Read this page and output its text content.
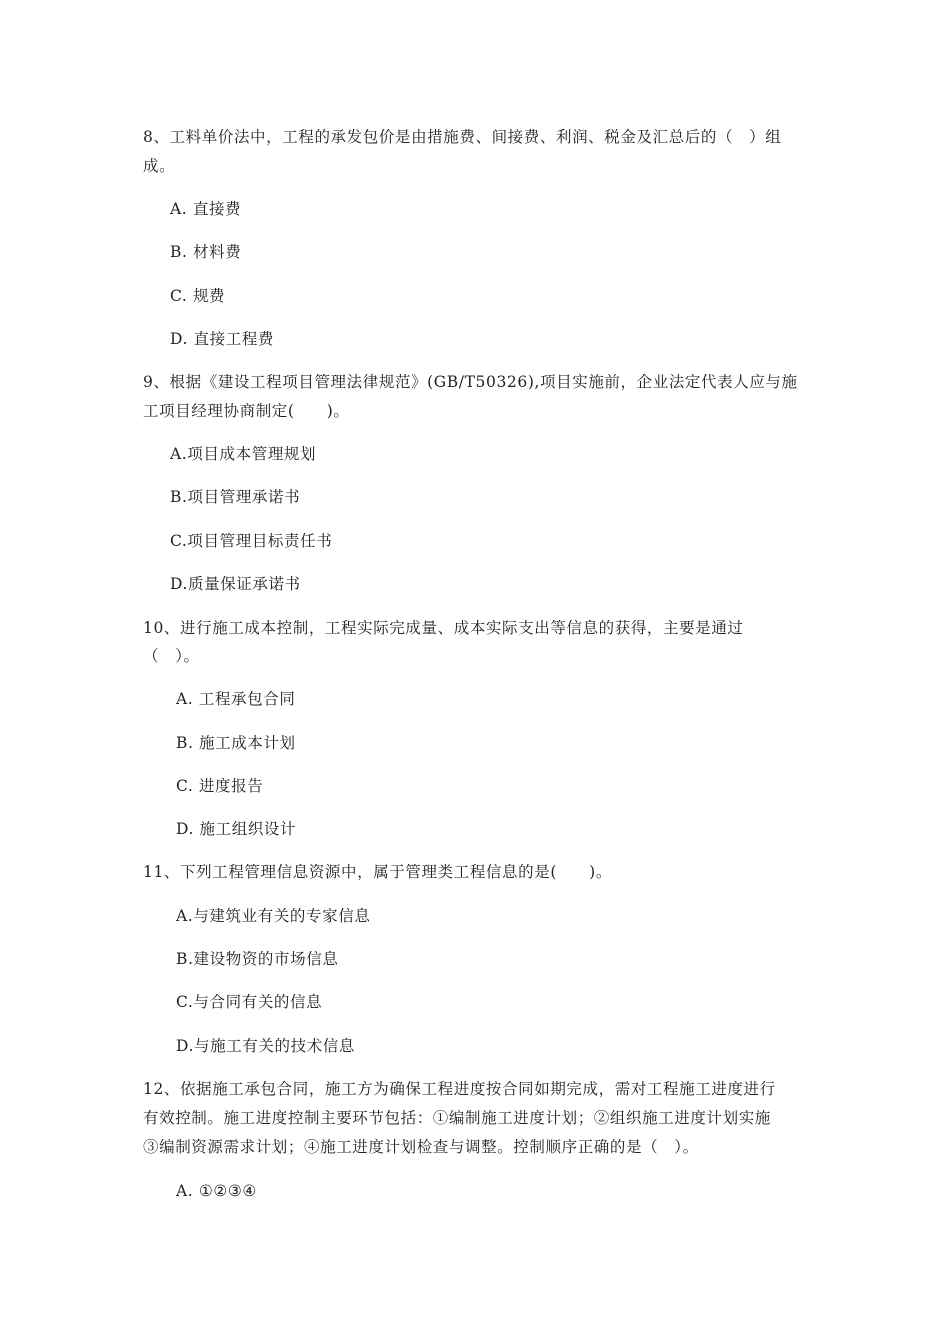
8、工料单价法中，工程的承发包价是由措施费、间接费、利润、税金及汇总后的（　）组
成。
A. 直接费
B. 材料费
C. 规费
D. 直接工程费
9、根据《建设工程项目管理法律规范》(GB/T50326),项目实施前，企业法定代表人应与施
工项目经理协商制定(　　)。
A.项目成本管理规划
B.项目管理承诺书
C.项目管理目标责任书
D.质量保证承诺书
10、进行施工成本控制，工程实际完成量、成本实际支出等信息的获得，主要是通过
（　）。
A. 工程承包合同
B. 施工成本计划
C. 进度报告
D. 施工组织设计
11、下列工程管理信息资源中，属于管理类工程信息的是(　　)。
A.与建筑业有关的专家信息
B.建设物资的市场信息
C.与合同有关的信息
D.与施工有关的技术信息
12、依据施工承包合同，施工方为确保工程进度按合同如期完成，需对工程施工进度进行
有效控制。施工进度控制主要环节包括：①编制施工进度计划；②组织施工进度计划实施
③编制资源需求计划；④施工进度计划检查与调整。控制顺序正确的是（　）。
A. ①②③④
